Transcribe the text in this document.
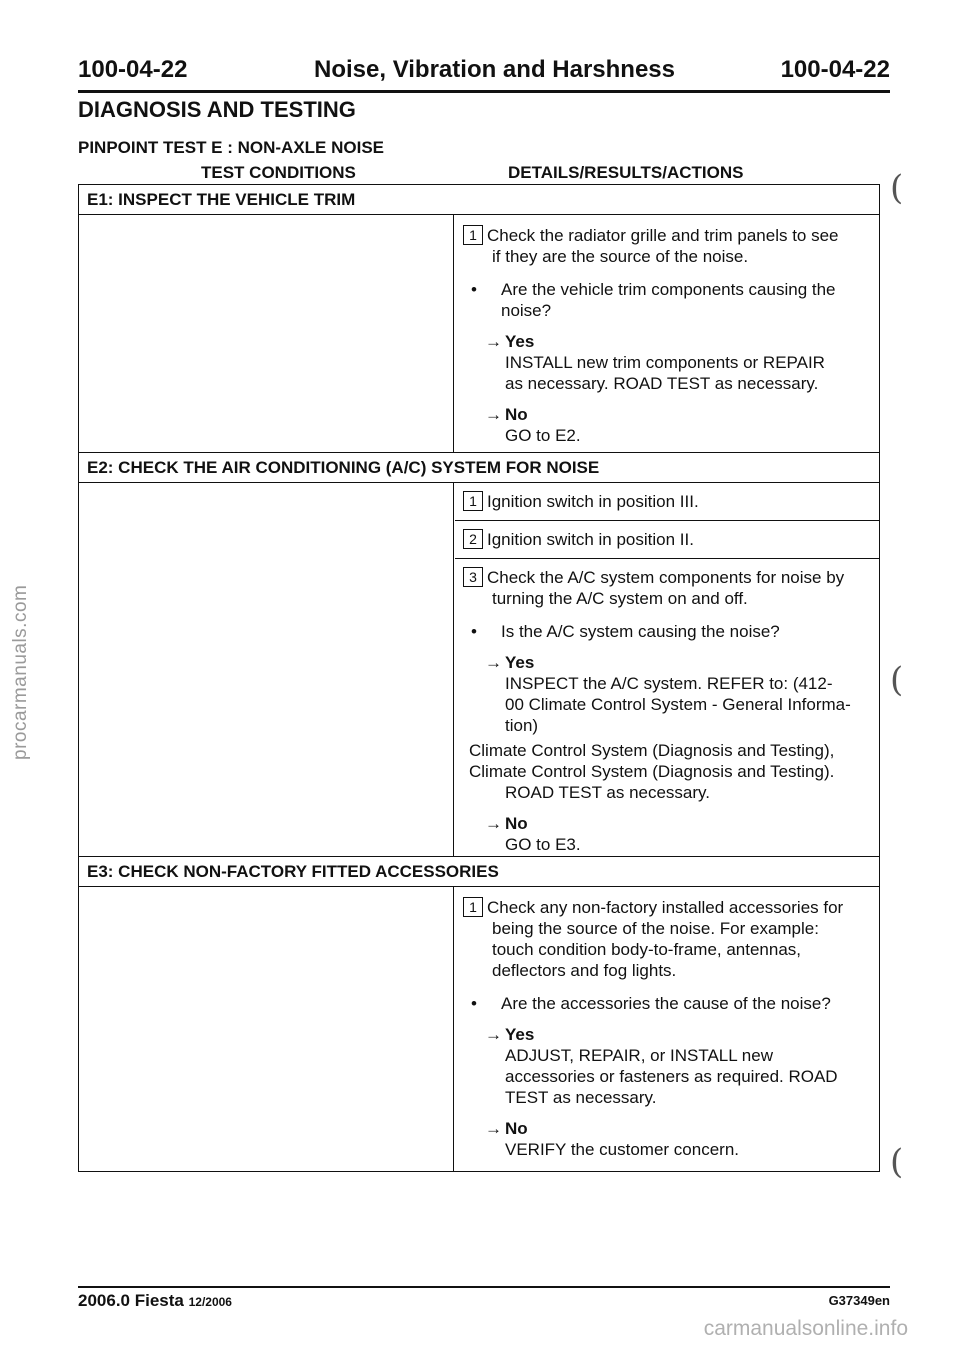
100-04-22	Noise, Vibration and Harshness	100-04-22
DIAGNOSIS AND TESTING
PINPOINT TEST E : NON-AXLE NOISE
TEST CONDITIONS	DETAILS/RESULTS/ACTIONS
E1: INSPECT THE VEHICLE TRIM
1 Check the radiator grille and trim panels to see
if they are the source of the noise.
•	Are the vehicle trim components causing the
noise?
→ Yes
INSTALL new trim components or REPAIR
as necessary. ROAD TEST as necessary.
→ No
GO to E2.
E2: CHECK THE AIR CONDITIONING (A/C) SYSTEM FOR NOISE
1 Ignition switch in position III.
2 Ignition switch in position II.
3 Check the A/C system components for noise by
turning the A/C system on and off.
•	Is the A/C system causing the noise?
→ Yes
INSPECT the A/C system. REFER to: (412-
00 Climate Control System - General Informa-
tion)
Climate Control System (Diagnosis and Testing),
Climate Control System (Diagnosis and Testing).
ROAD TEST as necessary.
→ No
GO to E3.
E3: CHECK NON-FACTORY FITTED ACCESSORIES
1 Check any non-factory installed accessories for
being the source of the noise. For example:
touch condition body-to-frame, antennas,
deflectors and fog lights.
•	Are the accessories the cause of the noise?
→ Yes
ADJUST, REPAIR, or INSTALL new
accessories or fasteners as required. ROAD
TEST as necessary.
→ No
VERIFY the customer concern.
(
(
(
procarmanuals.com
2006.0 Fiesta 12/2006	G37349en
carmanualsonline.info
